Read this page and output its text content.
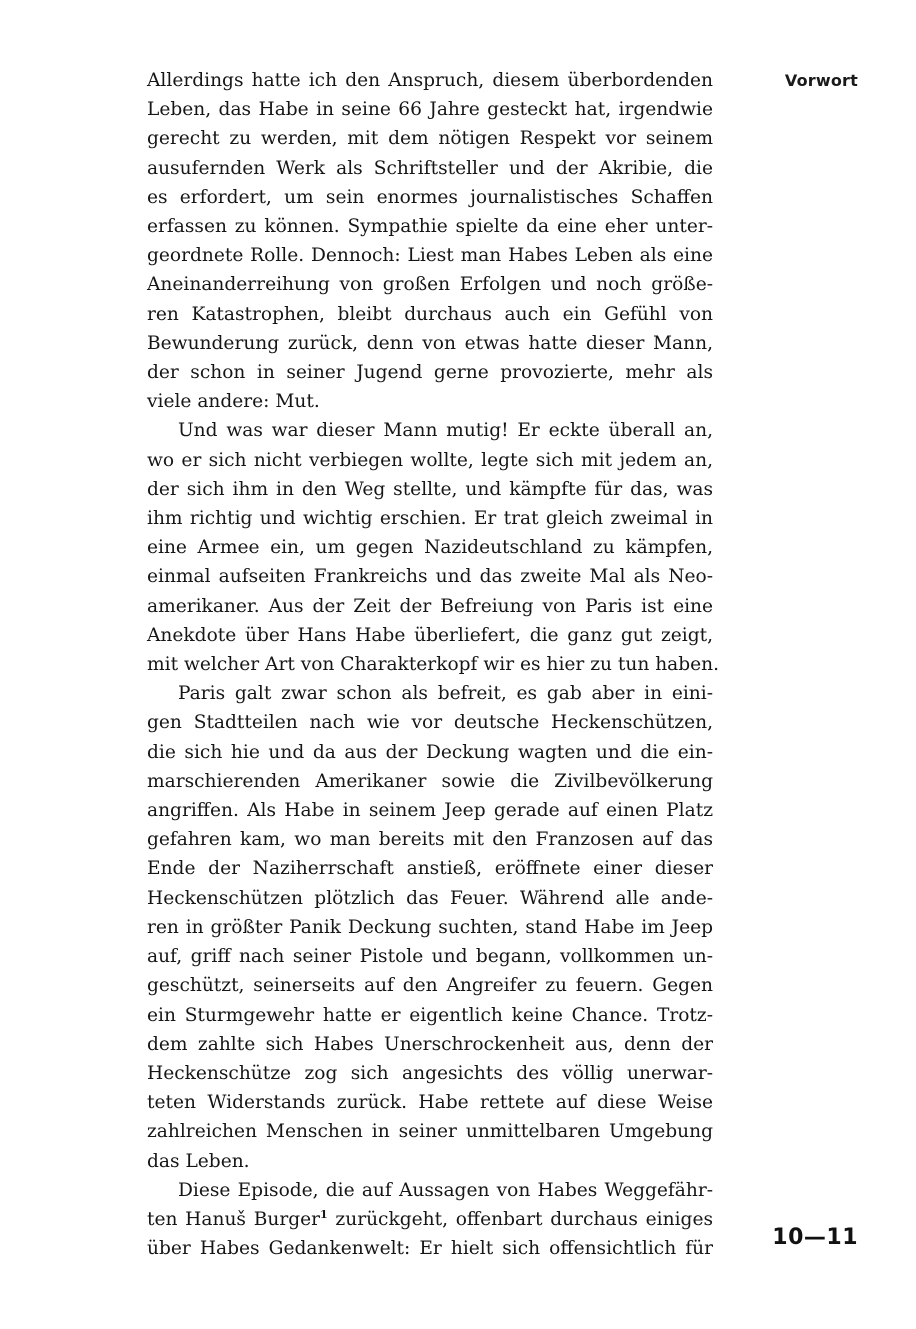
Vorwort

Allerdings hatte ich den Anspruch, diesem überbordenden
Leben, das Habe in seine 66 Jahre gesteckt hat, irgendwie
gerecht zu werden, mit dem nötigen Respekt vor seinem
ausufernden Werk als Schriftsteller und der Akribie, die
es erfordert, um sein enormes journalistisches Schaffen
erfassen zu können. Sympathie spielte da eine eher unter-
geordnete Rolle. Dennoch: Liest man Habes Leben als eine
Aneinanderreihung von großen Erfolgen und noch größe-
ren Katastrophen, bleibt durchaus auch ein Gefühl von
Bewunderung zurück, denn von etwas hatte dieser Mann,
der schon in seiner Jugend gerne provozierte, mehr als
viele andere: Mut.

Und was war dieser Mann mutig! Er eckte überall an,
wo er sich nicht verbiegen wollte, legte sich mit jedem an,
der sich ihm in den Weg stellte, und kämpfte für das, was
ihm richtig und wichtig erschien. Er trat gleich zweimal in
eine Armee ein, um gegen Nazideutschland zu kämpfen,
einmal aufseiten Frankreichs und das zweite Mal als Neo-
amerikaner. Aus der Zeit der Befreiung von Paris ist eine
Anekdote über Hans Habe überliefert, die ganz gut zeigt,
mit welcher Art von Charakterkopf wir es hier zu tun haben.

Paris galt zwar schon als befreit, es gab aber in eini-
gen Stadtteilen nach wie vor deutsche Heckenschützen,
die sich hie und da aus der Deckung wagten und die ein-
marschierenden Amerikaner sowie die Zivilbevölkerung
angriffen. Als Habe in seinem Jeep gerade auf einen Platz
gefahren kam, wo man bereits mit den Franzosen auf das
Ende der Naziherrschaft anstieß, eröffnete einer dieser
Heckenschützen plötzlich das Feuer. Während alle ande-
ren in größter Panik Deckung suchten, stand Habe im Jeep
auf, griff nach seiner Pistole und begann, vollkommen un-
geschützt, seinerseits auf den Angreifer zu feuern. Gegen
ein Sturmgewehr hatte er eigentlich keine Chance. Trotz-
dem zahlte sich Habes Unerschrockenheit aus, denn der
Heckenschütze zog sich angesichts des völlig unerwar-
teten Widerstands zurück. Habe rettete auf diese Weise
zahlreichen Menschen in seiner unmittelbaren Umgebung
das Leben.

Diese Episode, die auf Aussagen von Habes Weggefähr-
ten Hanuš Burger$^1$ zurückgeht, offenbart durchaus einiges
über Habes Gedankenwelt: Er hielt sich offensichtlich für	10—11
